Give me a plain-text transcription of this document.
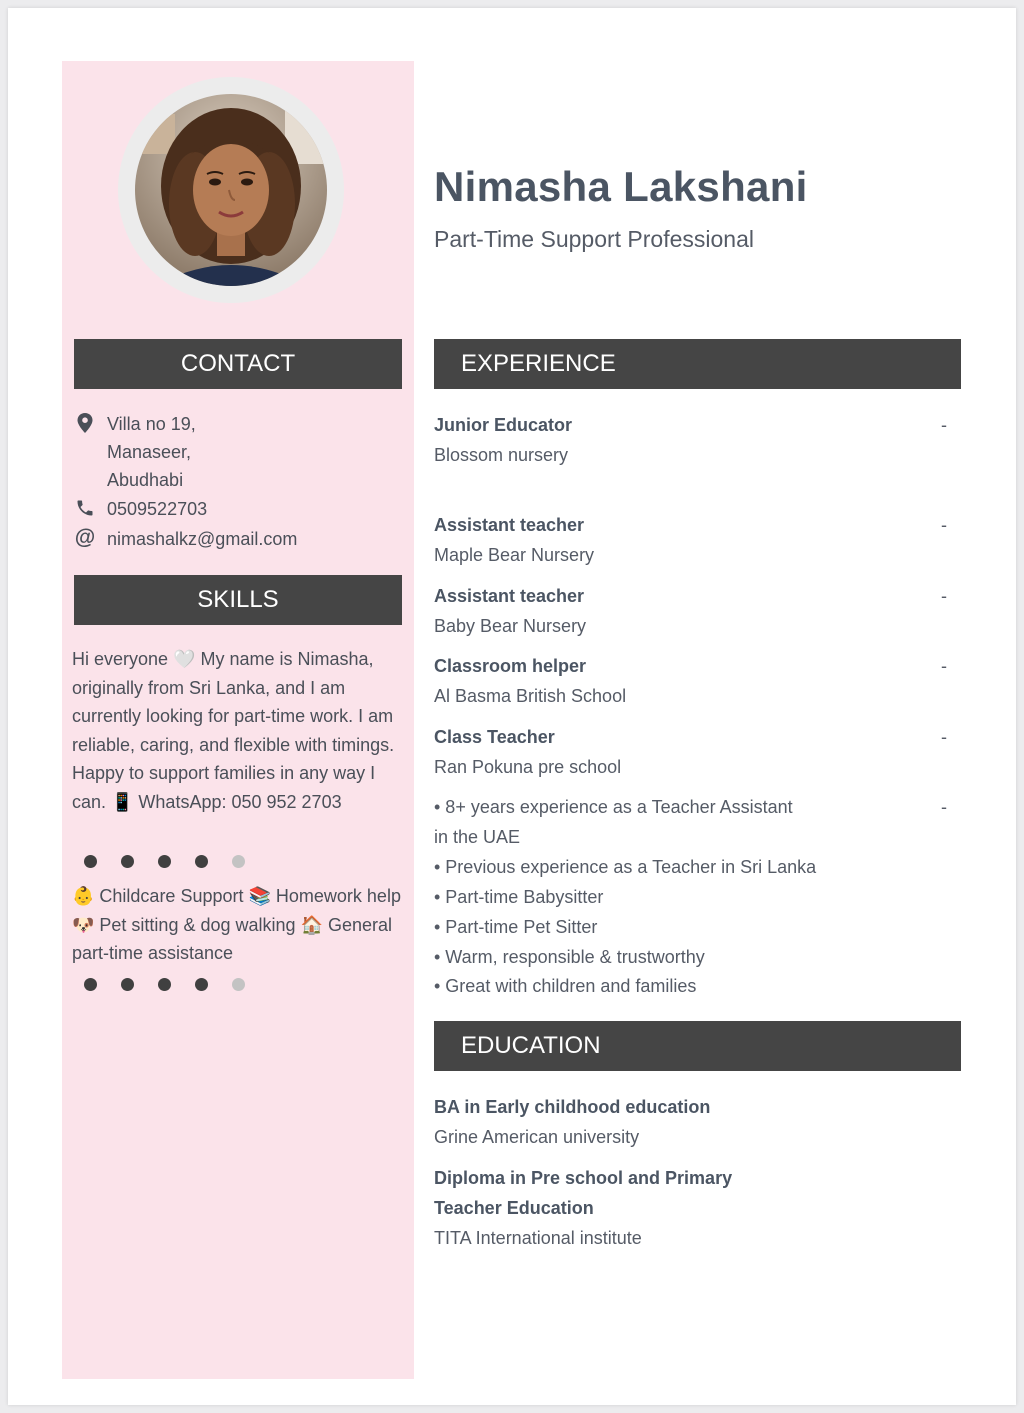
Nimasha Lakshani
Part-Time Support Professional
CONTACT
Villa no 19,
Manaseer,
Abudhabi
0509522703
@ nimashalkz@gmail.com
SKILLS

Hi everyone 🤍 My name is Nimasha, originally from Sri Lanka, and I am currently looking for part-time work. I am reliable, caring, and flexible with timings. Happy to support families in any way I can. 📱 WhatsApp: 050 952 2703

👶 Childcare Support 📚 Homework help 🐶 Pet sitting & dog walking 🏠 General part-time assistance

EXPERIENCE
Junior Educator
Blossom nursery
-
Assistant teacher
Maple Bear Nursery
-
Assistant teacher
Baby Bear Nursery
-
Classroom helper
Al Basma British School
-
Class Teacher
Ran Pokuna pre school
-
-
• 8+ years experience as a Teacher Assistant
in the UAE
• Previous experience as a Teacher in Sri Lanka
• Part-time Babysitter
• Part-time Pet Sitter
• Warm, responsible & trustworthy
• Great with children and families
EDUCATION
BA in Early childhood education
Grine American university
Diploma in Pre school and Primary Teacher Education
TITA International institute
